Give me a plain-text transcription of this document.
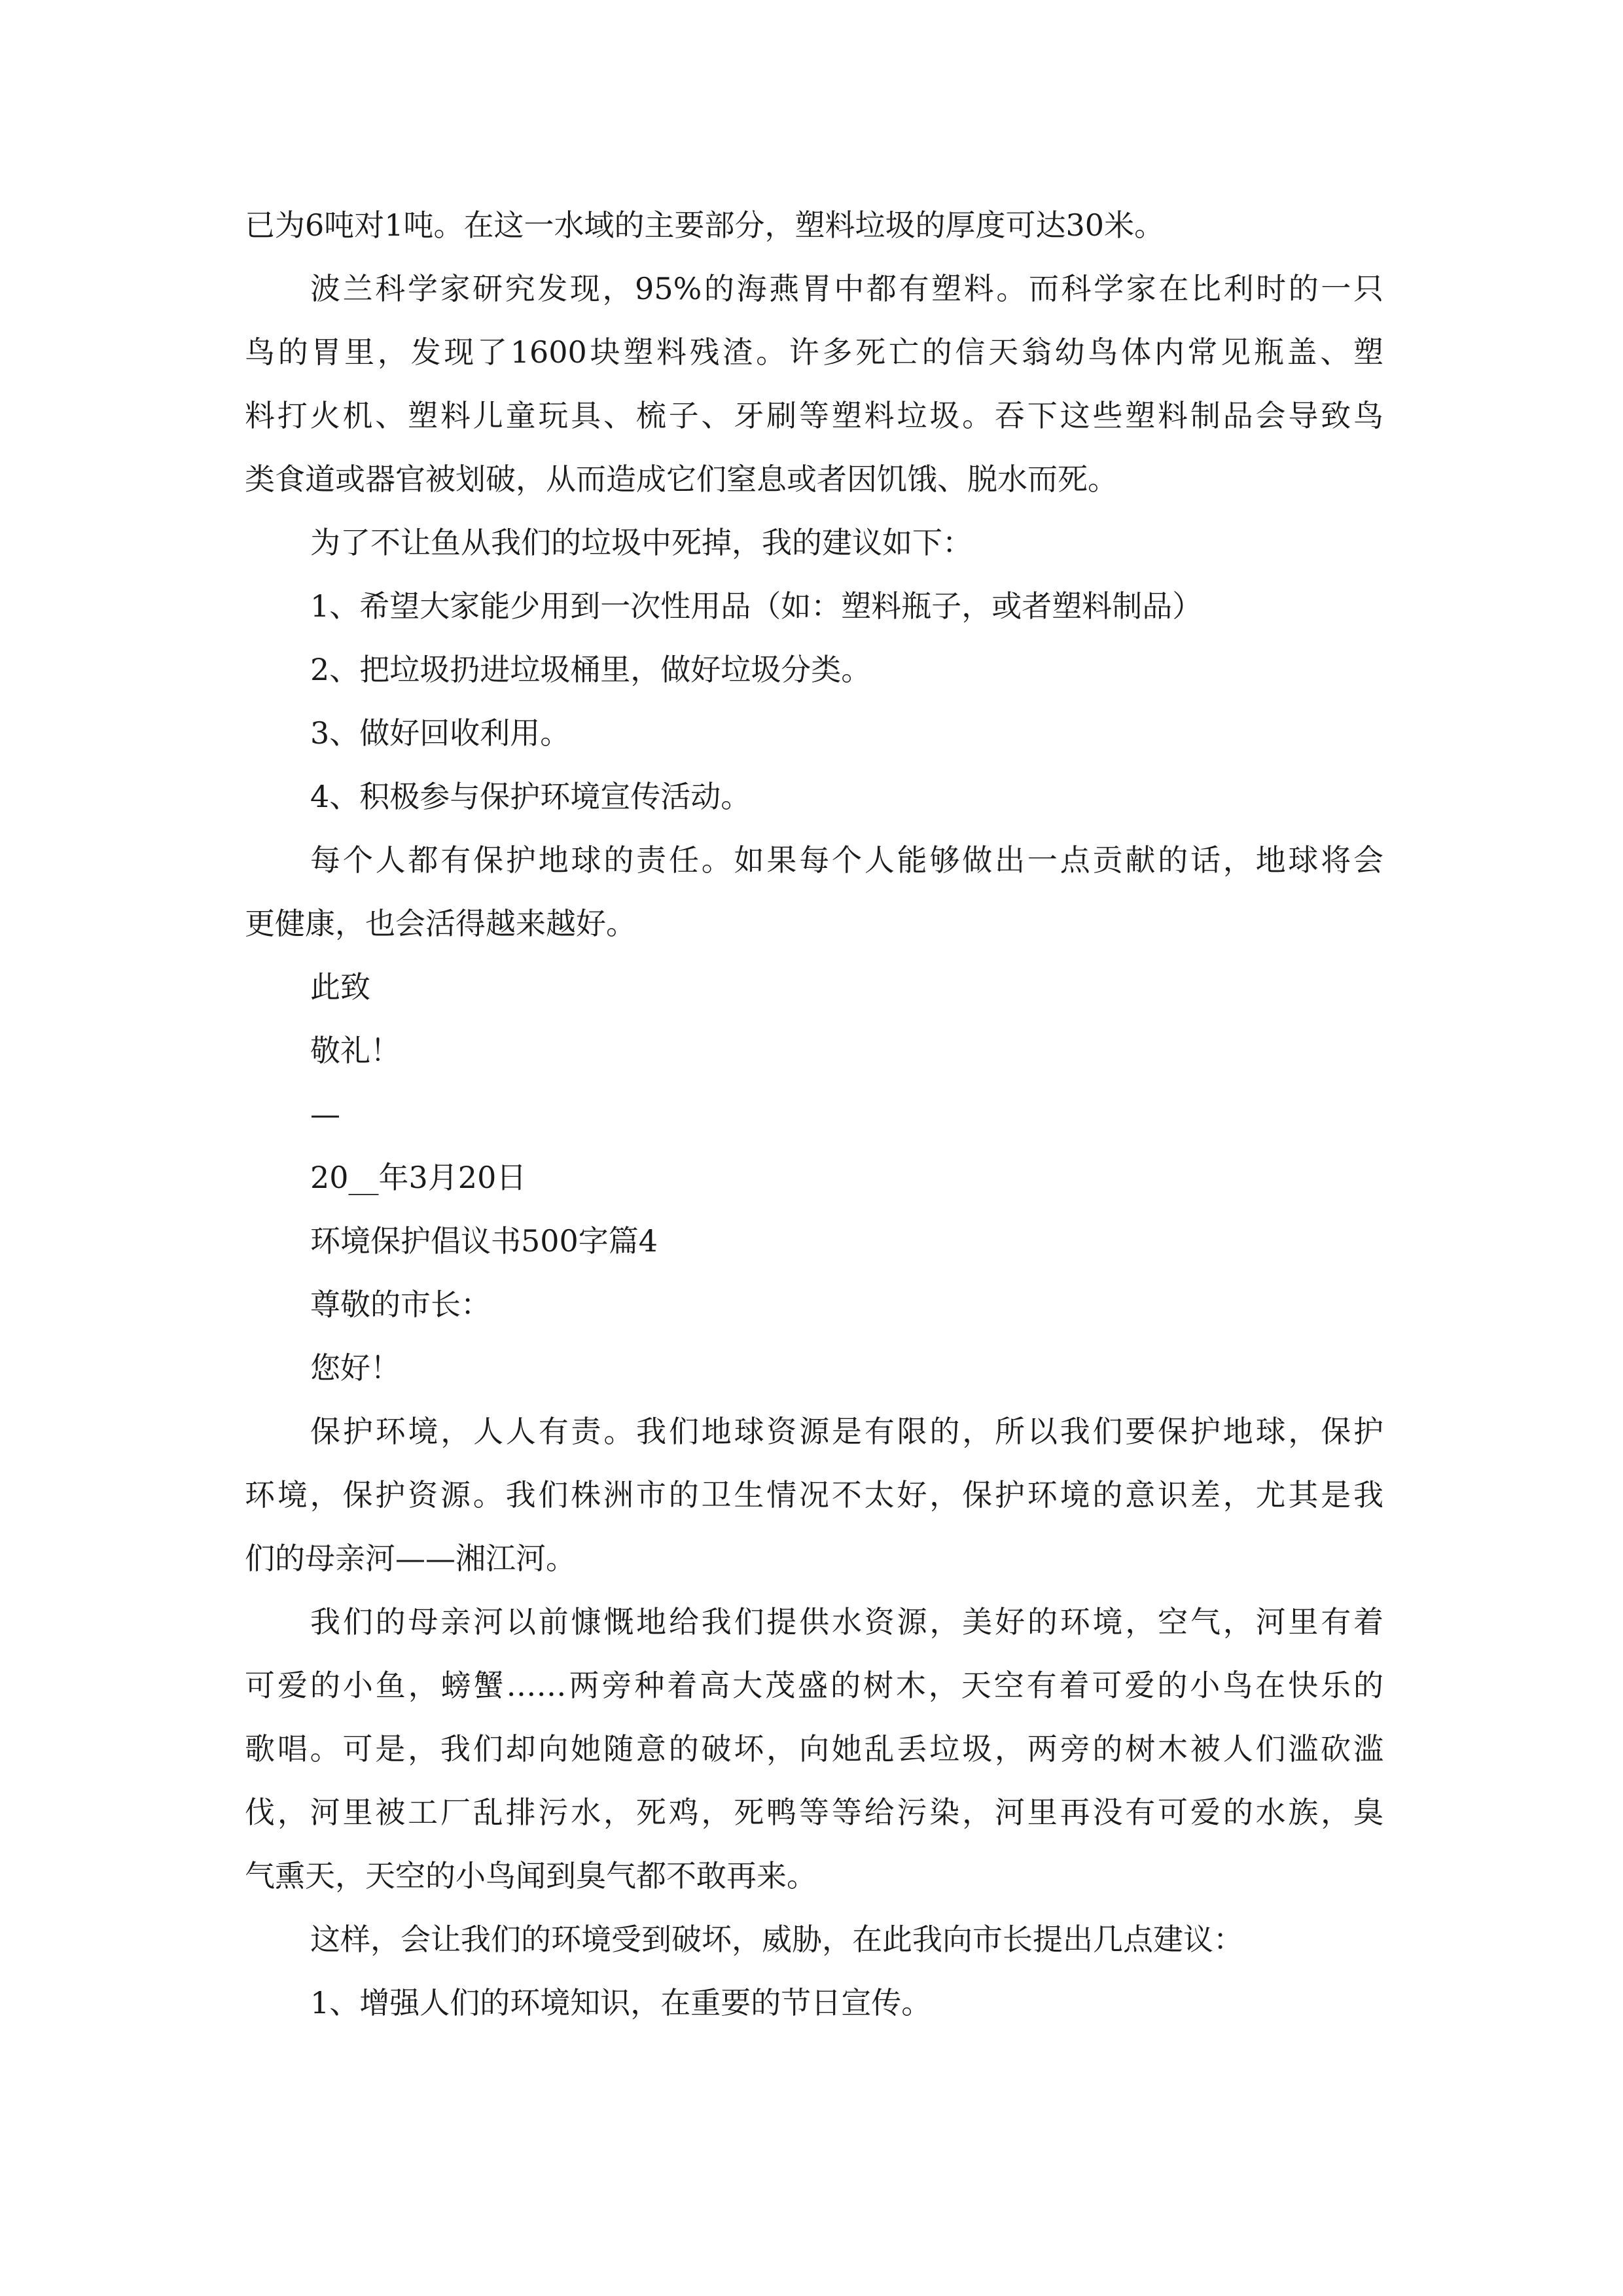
已为6吨对1吨。在这一水域的主要部分，塑料垃圾的厚度可达30米。
波兰科学家研究发现，95%的海燕胃中都有塑料。而科学家在比利时的一只
鸟的胃里，发现了1600块塑料残渣。许多死亡的信天翁幼鸟体内常见瓶盖、塑
料打火机、塑料儿童玩具、梳子、牙刷等塑料垃圾。吞下这些塑料制品会导致鸟
类食道或器官被划破，从而造成它们窒息或者因饥饿、脱水而死。
为了不让鱼从我们的垃圾中死掉，我的建议如下：
1、希望大家能少用到一次性用品（如：塑料瓶子，或者塑料制品）
2、把垃圾扔进垃圾桶里，做好垃圾分类。
3、做好回收利用。
4、积极参与保护环境宣传活动。
每个人都有保护地球的责任。如果每个人能够做出一点贡献的话，地球将会
更健康，也会活得越来越好。
此致
敬礼！
—
20__年3月20日
环境保护倡议书500字篇4
尊敬的市长：
您好！
保护环境，人人有责。我们地球资源是有限的，所以我们要保护地球，保护
环境，保护资源。我们株洲市的卫生情况不太好，保护环境的意识差，尤其是我
们的母亲河——湘江河。
我们的母亲河以前慷慨地给我们提供水资源，美好的环境，空气，河里有着
可爱的小鱼，螃蟹……两旁种着高大茂盛的树木，天空有着可爱的小鸟在快乐的
歌唱。可是，我们却向她随意的破坏，向她乱丢垃圾，两旁的树木被人们滥砍滥
伐，河里被工厂乱排污水，死鸡，死鸭等等给污染，河里再没有可爱的水族，臭
气熏天，天空的小鸟闻到臭气都不敢再来。
这样，会让我们的环境受到破坏，威胁，在此我向市长提出几点建议：
1、增强人们的环境知识，在重要的节日宣传。
